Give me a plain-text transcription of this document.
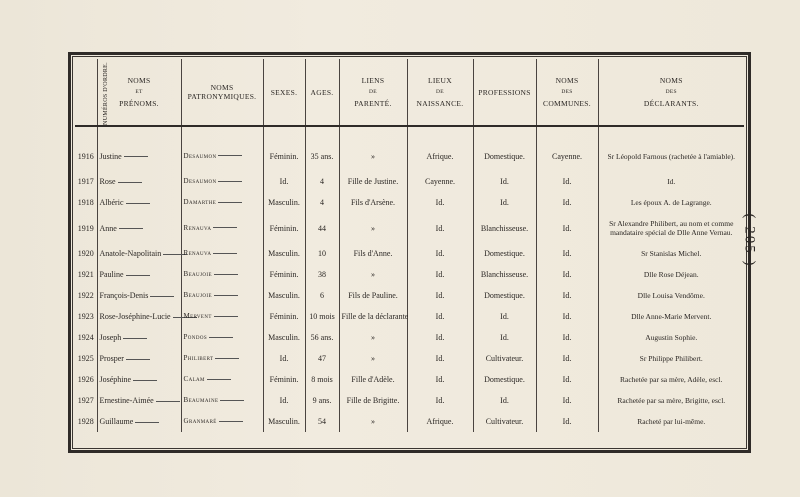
NUMÉROS D'ORDRE.	NOMS
ET
PRÉNOMS.	NOMS
PATRONYMIQUES.	SEXES.	AGES.	LIENS
DE
PARENTÉ.	LIEUX
DE
NAISSANCE.	PROFESSIONS	NOMS
DES
COMMUNES.	NOMS
DES
DÉCLARANTS.

1916	Justine	Desaumon	Féminin.	35 ans.	»	Afrique.	Domestique.	Cayenne.	Sr Léopold Farnous (rachetée à l'amiable).
1917	Rose	Desaumon	Id.	4	Fille de Justine.	Cayenne.	Id.	Id.	Id.
1918	Albéric	Damarthe	Masculin.	4	Fils d'Arsène.	Id.	Id.	Id.	Les époux A. de Lagrange.
1919	Anne	Renauva	Féminin.	44	»	Id.	Blanchisseuse.	Id.	Sr Alexandre Philibert, au nom et comme mandataire spécial de Dlle Anne Vernau.
1920	Anatole-Napolitain	Renauva	Masculin.	10	Fils d'Anne.	Id.	Domestique.	Id.	Sr Stanislas Michel.
1921	Pauline	Beaujoie	Féminin.	38	»	Id.	Blanchisseuse.	Id.	Dlle Rose Déjean.
1922	François-Denis	Beaujoie	Masculin.	6	Fils de Pauline.	Id.	Domestique.	Id.	Dlle Louisa Vendôme.
1923	Rose-Joséphine-Lucie	Mervent	Féminin.	10 mois	Fille de la déclarante	Id.	Id.	Id.	Dlle Anne-Marie Mervent.
1924	Joseph	Pondos	Masculin.	56 ans.	»	Id.	Id.	Id.	Augustin Sophie.
1925	Prosper	Philibert	Id.	47	»	Id.	Cultivateur.	Id.	Sr Philippe Philibert.
1926	Joséphine	Calam	Féminin.	8 mois	Fille d'Adèle.	Id.	Domestique.	Id.	Rachetée par sa mère, Adèle, escl.
1927	Ernestine-Aimée	Beaumaine	Id.	9 ans.	Fille de Brigitte.	Id.	Id.	Id.	Rachetée par sa mère, Brigitte, escl.
1928	Guillaume	Granmaré	Masculin.	54	»	Afrique.	Cultivateur.	Id.	Racheté par lui-même.
( 205 )
